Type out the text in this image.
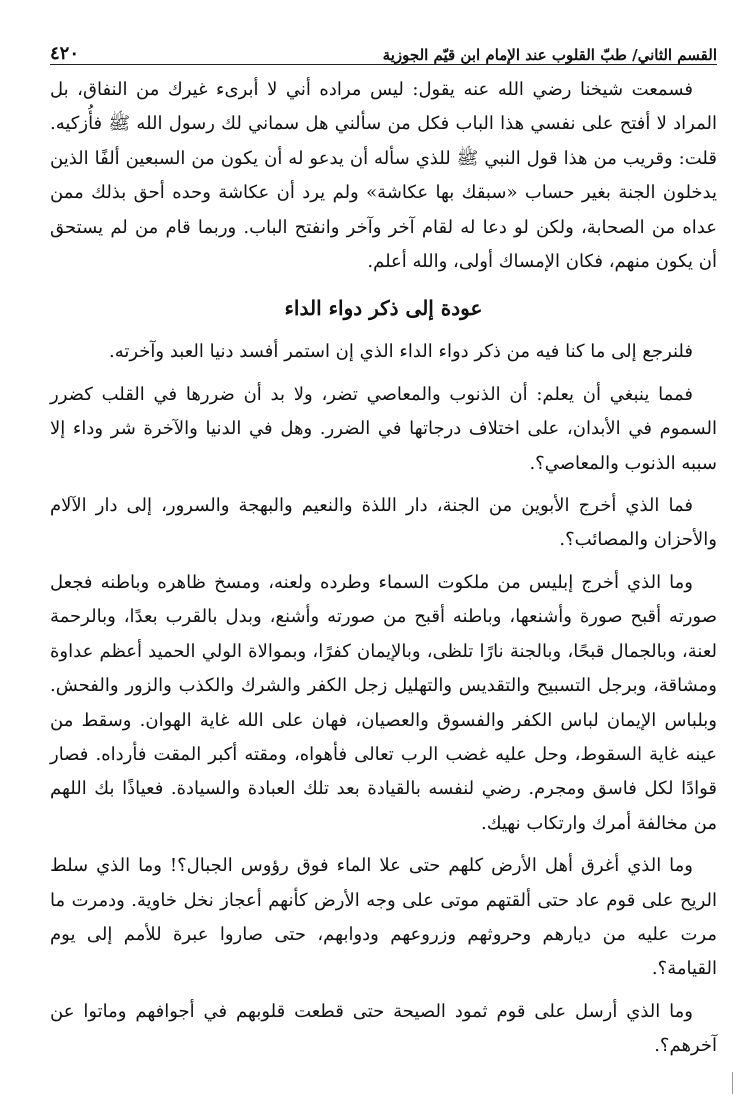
القسم الثاني/ طبّ القلوب عند الإمام ابن قيّم الجوزية
٤٢٠

فسمعت شيخنا رضي الله عنه يقول: ليس مراده أني لا أبرىء غيرك من النفاق، بل المراد لا أفتح على نفسي هذا الباب فكل من سألني هل سماني لك رسول الله ﷺ فأُزكيه. قلت: وقريب من هذا قول النبي ﷺ للذي سأله أن يدعو له أن يكون من السبعين ألفًا الذين يدخلون الجنة بغير حساب «سبقك بها عكاشة» ولم يرد أن عكاشة وحده أحق بذلك ممن عداه من الصحابة، ولكن لو دعا له لقام آخر وآخر وانفتح الباب. وربما قام من لم يستحق أن يكون منهم، فكان الإمساك أولى، والله أعلم.

عودة إلى ذكر دواء الداء

فلنرجع إلى ما كنا فيه من ذكر دواء الداء الذي إن استمر أفسد دنيا العبد وآخرته.

فمما ينبغي أن يعلم: أن الذنوب والمعاصي تضر، ولا بد أن ضررها في القلب كضرر السموم في الأبدان، على اختلاف درجاتها في الضرر. وهل في الدنيا والآخرة شر وداء إلا سببه الذنوب والمعاصي؟.

فما الذي أخرج الأبوين من الجنة، دار اللذة والنعيم والبهجة والسرور، إلى دار الآلام والأحزان والمصائب؟.

وما الذي أخرج إبليس من ملكوت السماء وطرده ولعنه، ومسخ ظاهره وباطنه فجعل صورته أقبح صورة وأشنعها، وباطنه أقبح من صورته وأشنع، وبدل بالقرب بعدًا، وبالرحمة لعنة، وبالجمال قبحًا، وبالجنة نارًا تلظى، وبالإيمان كفرًا، وبموالاة الولي الحميد أعظم عداوة ومشاقة، وبرجل التسبيح والتقديس والتهليل زجل الكفر والشرك والكذب والزور والفحش. وبلباس الإيمان لباس الكفر والفسوق والعصيان، فهان على الله غاية الهوان. وسقط من عينه غاية السقوط، وحل عليه غضب الرب تعالى فأهواه، ومقته أكبر المقت فأرداه. فصار قوادًا لكل فاسق ومجرم. رضي لنفسه بالقيادة بعد تلك العبادة والسيادة. فعياذًا بك اللهم من مخالفة أمرك وارتكاب نهيك.

وما الذي أغرق أهل الأرض كلهم حتى علا الماء فوق رؤوس الجبال؟! وما الذي سلط الريح على قوم عاد حتى ألقتهم موتى على وجه الأرض كأنهم أعجاز نخل خاوية. ودمرت ما مرت عليه من ديارهم وحروثهم وزروعهم ودوابهم، حتى صاروا عبرة للأمم إلى يوم القيامة؟.

وما الذي أرسل على قوم ثمود الصيحة حتى قطعت قلوبهم في أجوافهم وماتوا عن آخرهم؟.
